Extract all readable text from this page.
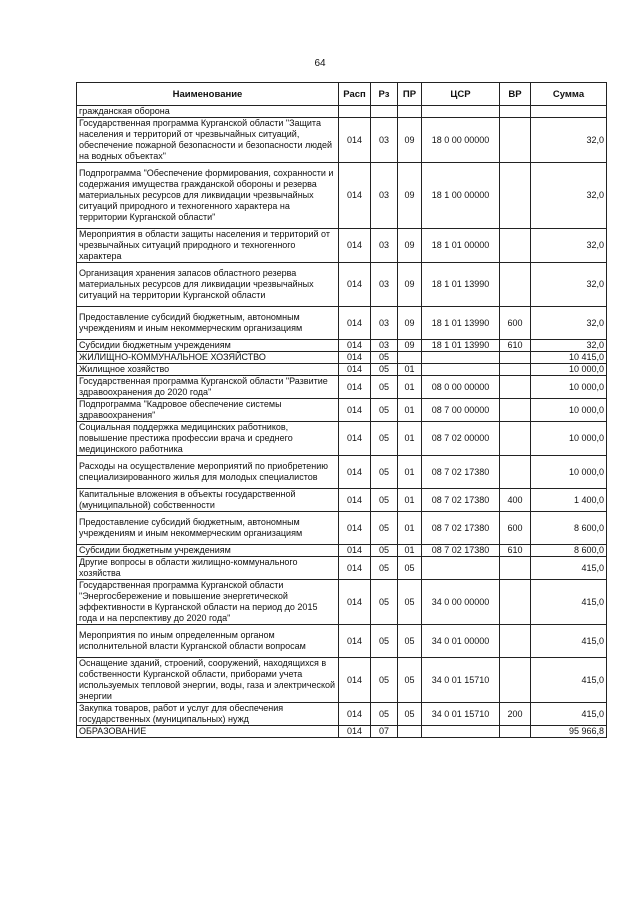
64
Наименование	Расп	Рз	ПР	ЦСР	ВР	Сумма
гражданская оборона						
Государственная программа Курганской области "Защита населения и территорий от чрезвычайных ситуаций, обеспечение пожарной безопасности и безопасности людей на водных объектах"	014	03	09	18 0 00 00000		32,0
Подпрограмма "Обеспечение формирования, сохранности и содержания имущества гражданской обороны и резерва материальных ресурсов для ликвидации чрезвычайных ситуаций природного и техногенного характера на территории Курганской области"	014	03	09	18 1 00 00000		32,0
Мероприятия в области защиты населения и территорий от чрезвычайных ситуаций природного и техногенного характера	014	03	09	18 1 01 00000		32,0
Организация хранения запасов областного резерва материальных ресурсов для ликвидации чрезвычайных ситуаций на территории Курганской области	014	03	09	18 1 01 13990		32,0
Предоставление субсидий бюджетным, автономным учреждениям и иным некоммерческим организациям	014	03	09	18 1 01 13990	600	32,0
Субсидии бюджетным учреждениям	014	03	09	18 1 01 13990	610	32,0
ЖИЛИЩНО-КОММУНАЛЬНОЕ ХОЗЯЙСТВО	014	05				10 415,0
Жилищное хозяйство	014	05	01			10 000,0
Государственная программа Курганской области "Развитие здравоохранения до 2020 года"	014	05	01	08 0 00 00000		10 000,0
Подпрограмма "Кадровое обеспечение системы здравоохранения"	014	05	01	08 7 00 00000		10 000,0
Социальная поддержка медицинских работников, повышение престижа профессии врача и среднего медицинского работника	014	05	01	08 7 02 00000		10 000,0
Расходы на осуществление мероприятий по приобретению специализированного жилья для молодых специалистов	014	05	01	08 7 02 17380		10 000,0
Капитальные вложения в объекты государственной (муниципальной) собственности	014	05	01	08 7 02 17380	400	1 400,0
Предоставление субсидий бюджетным, автономным учреждениям и иным некоммерческим организациям	014	05	01	08 7 02 17380	600	8 600,0
Субсидии бюджетным учреждениям	014	05	01	08 7 02 17380	610	8 600,0
Другие вопросы в области жилищно-коммунального хозяйства	014	05	05			415,0
Государственная программа Курганской области "Энергосбережение и повышение энергетической эффективности в Курганской области на период до 2015 года и на перспективу до 2020 года"	014	05	05	34 0 00 00000		415,0
Мероприятия по иным определенным органом исполнительной власти Курганской области вопросам	014	05	05	34 0 01 00000		415,0
Оснащение зданий, строений, сооружений, находящихся в собственности Курганской области, приборами учета используемых тепловой энергии, воды, газа и электрической энергии	014	05	05	34 0 01 15710		415,0
Закупка товаров, работ и услуг для обеспечения государственных (муниципальных) нужд	014	05	05	34 0 01 15710	200	415,0
ОБРАЗОВАНИЕ	014	07				95 966,8
